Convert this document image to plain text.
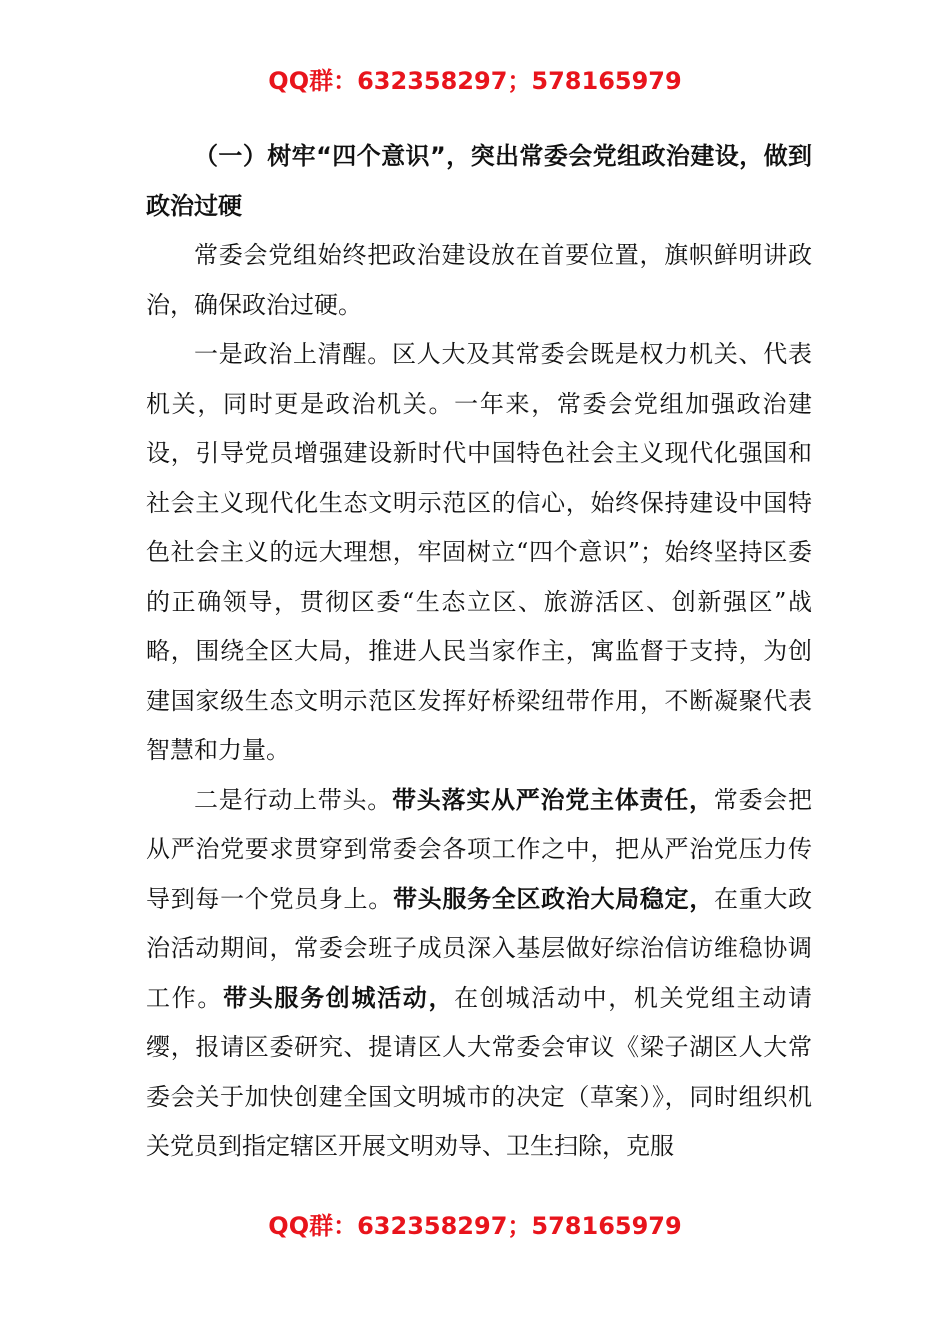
QQ群：632358297；578165979

（一）树牢“四个意识”，突出常委会党组政治建设，做到政治过硬

常委会党组始终把政治建设放在首要位置，旗帜鲜明讲政治，确保政治过硬。

一是政治上清醒。区人大及其常委会既是权力机关、代表机关，同时更是政治机关。一年来，常委会党组加强政治建设，引导党员增强建设新时代中国特色社会主义现代化强国和社会主义现代化生态文明示范区的信心，始终保持建设中国特色社会主义的远大理想，牢固树立“四个意识”；始终坚持区委的正确领导，贯彻区委“生态立区、旅游活区、创新强区”战略，围绕全区大局，推进人民当家作主，寓监督于支持，为创建国家级生态文明示范区发挥好桥梁纽带作用，不断凝聚代表智慧和力量。

二是行动上带头。带头落实从严治党主体责任，常委会把从严治党要求贯穿到常委会各项工作之中，把从严治党压力传导到每一个党员身上。带头服务全区政治大局稳定，在重大政治活动期间，常委会班子成员深入基层做好综治信访维稳协调工作。带头服务创城活动，在创城活动中，机关党组主动请缨，报请区委研究、提请区人大常委会审议《梁子湖区人大常委会关于加快创建全国文明城市的决定（草案）》，同时组织机关党员到指定辖区开展文明劝导、卫生扫除，克服

QQ群：632358297；578165979
